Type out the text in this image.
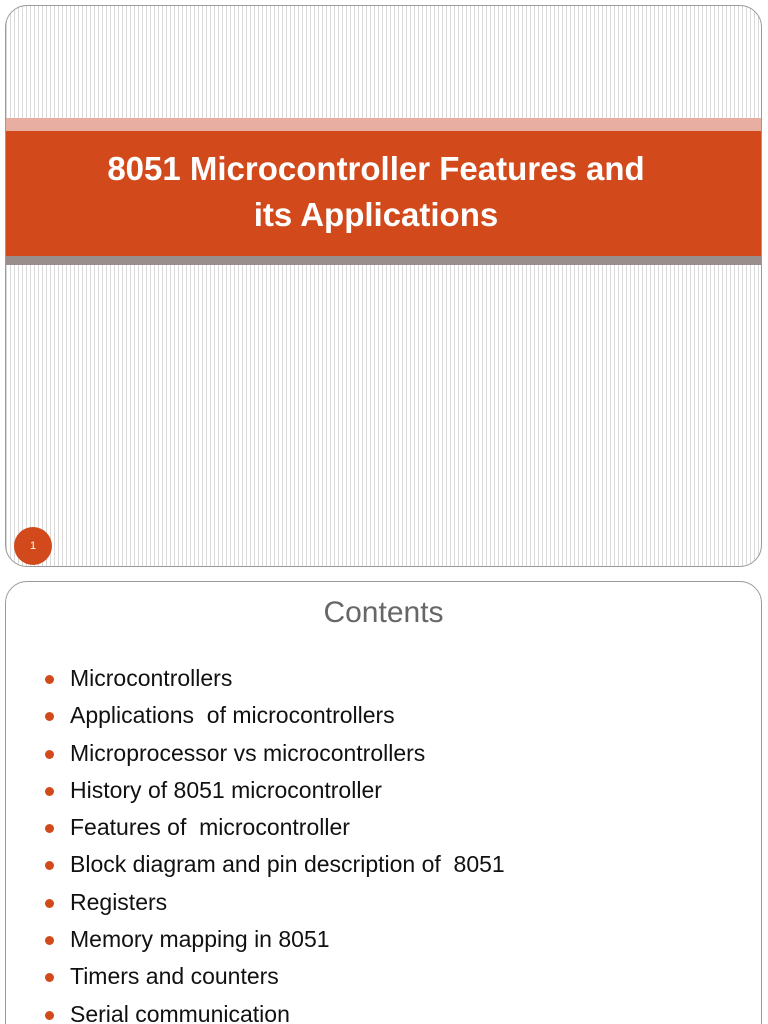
8051 Microcontroller Features and
its Applications
1
Contents
Microcontrollers
Applications  of microcontrollers
Microprocessor vs microcontrollers
History of 8051 microcontroller
Features of  microcontroller
Block diagram and pin description of  8051
Registers
Memory mapping in 8051
Timers and counters
Serial communication
